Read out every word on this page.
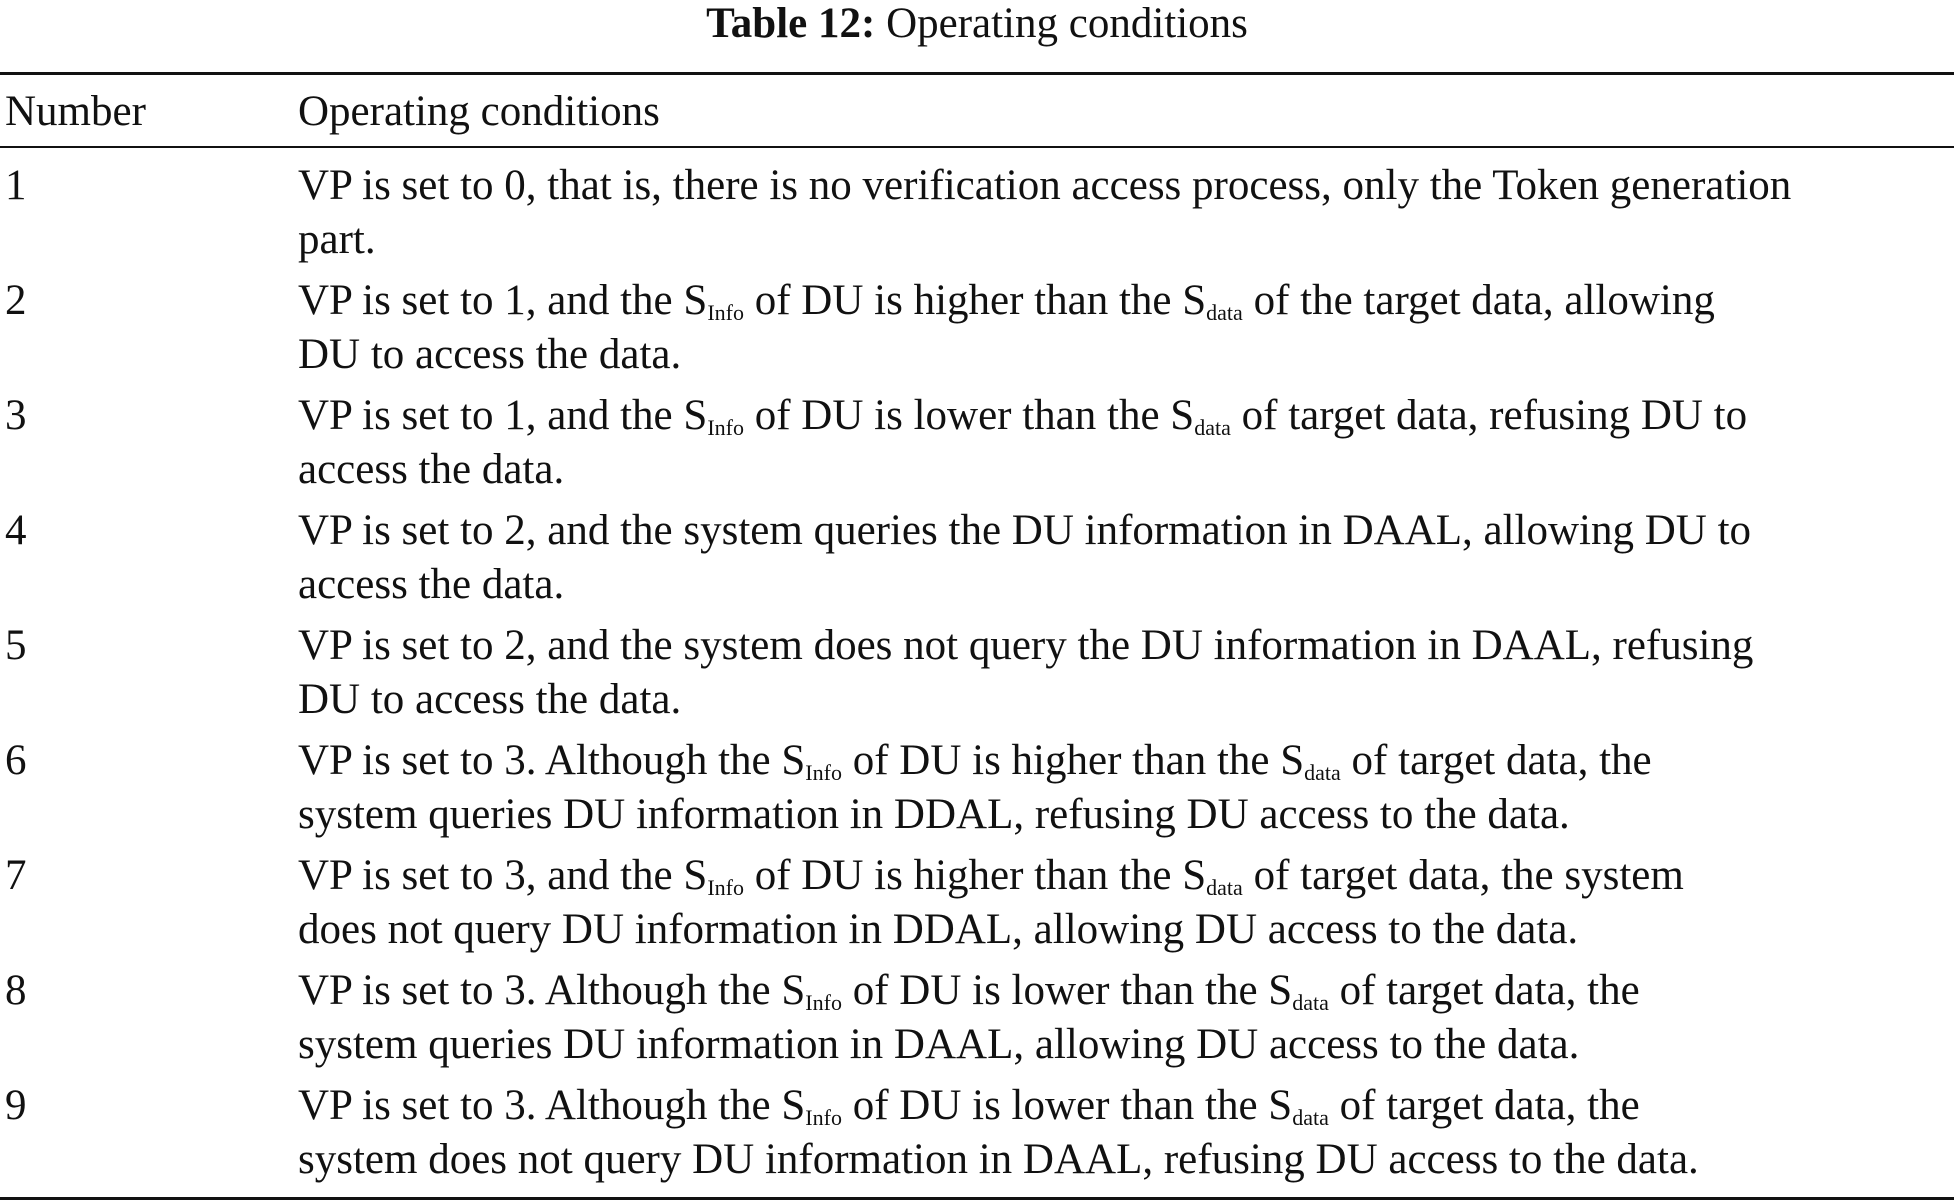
Table 12: Operating conditions
Number	Operating conditions
1	VP is set to 0, that is, there is no verification access process, only the Token generation
part.
2	VP is set to 1, and the $S_{Info}$ of DU is higher than the $S_{data}$ of the target data, allowing
DU to access the data.
3	VP is set to 1, and the $S_{Info}$ of DU is lower than the $S_{data}$ of target data, refusing DU to
access the data.
4	VP is set to 2, and the system queries the DU information in DAAL, allowing DU to
access the data.
5	VP is set to 2, and the system does not query the DU information in DAAL, refusing
DU to access the data.
6	VP is set to 3. Although the $S_{Info}$ of DU is higher than the $S_{data}$ of target data, the
system queries DU information in DDAL, refusing DU access to the data.
7	VP is set to 3, and the $S_{Info}$ of DU is higher than the $S_{data}$ of target data, the system
does not query DU information in DDAL, allowing DU access to the data.
8	VP is set to 3. Although the $S_{Info}$ of DU is lower than the $S_{data}$ of target data, the
system queries DU information in DAAL, allowing DU access to the data.
9	VP is set to 3. Although the $S_{Info}$ of DU is lower than the $S_{data}$ of target data, the
system does not query DU information in DAAL, refusing DU access to the data.
